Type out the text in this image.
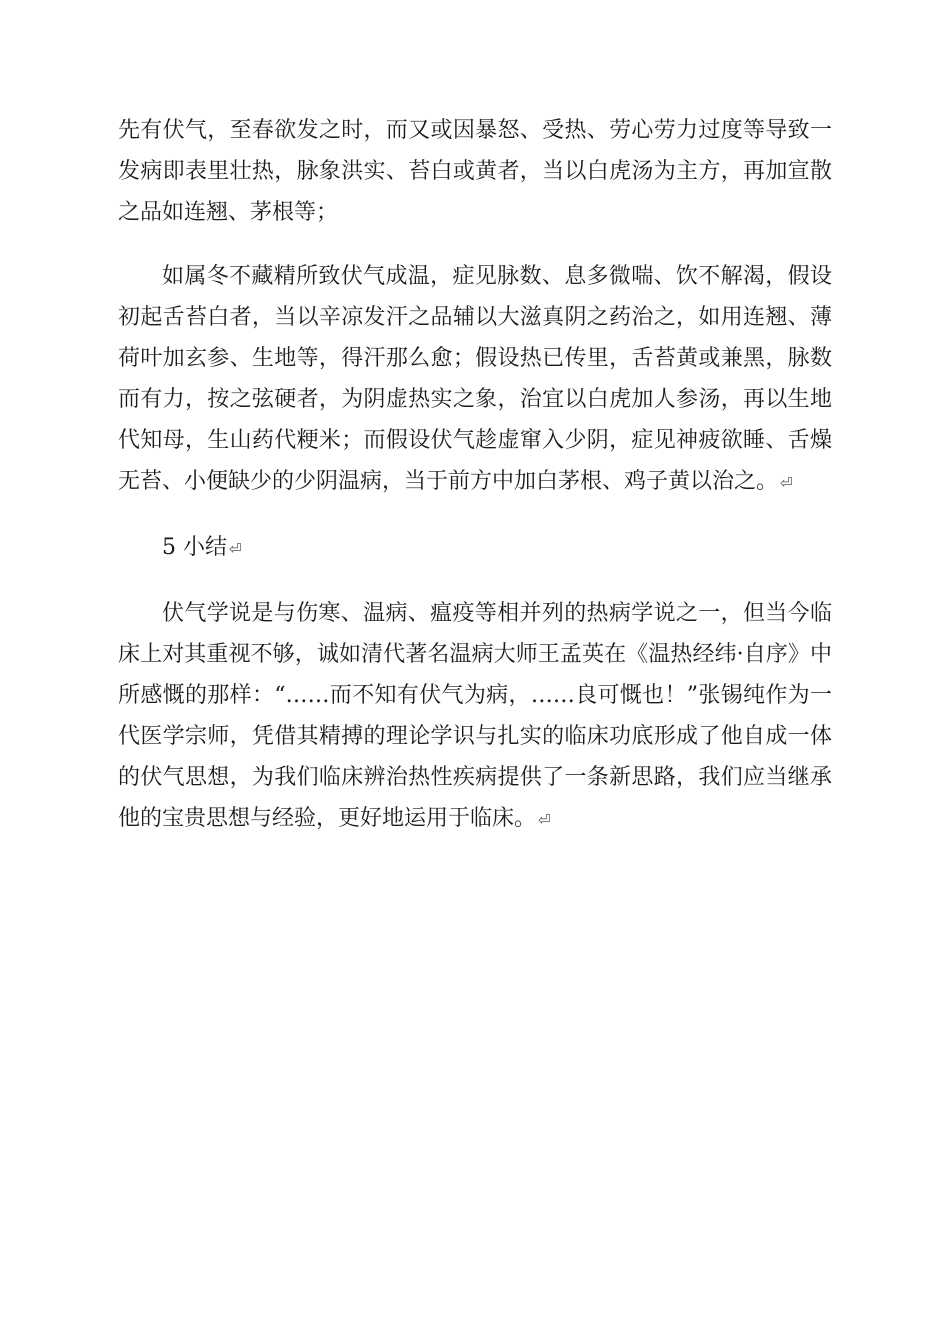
先有伏气，至春欲发之时，而又或因暴怒、受热、劳心劳力过度等导致一发病即表里壮热，脉象洪实、苔白或黄者，当以白虎汤为主方，再加宣散之品如连翘、茅根等；

如属冬不藏精所致伏气成温，症见脉数、息多微喘、饮不解渴，假设初起舌苔白者，当以辛凉发汗之品辅以大滋真阴之药治之，如用连翘、薄荷叶加玄参、生地等，得汗那么愈；假设热已传里，舌苔黄或兼黑，脉数而有力，按之弦硬者，为阴虚热实之象，治宜以白虎加人参汤，再以生地代知母，生山药代粳米；而假设伏气趁虚窜入少阴，症见神疲欲睡、舌燥无苔、小便缺少的少阴温病，当于前方中加白茅根、鸡子黄以治之。 ⏎

5 小结 ⏎

伏气学说是与伤寒、温病、瘟疫等相并列的热病学说之一，但当今临床上对其重视不够，诚如清代著名温病大师王孟英在《温热经纬·自序》中所感慨的那样：“……而不知有伏气为病，……良可慨也！”张锡纯作为一代医学宗师，凭借其精搏的理论学识与扎实的临床功底形成了他自成一体的伏气思想，为我们临床辨治热性疾病提供了一条新思路，我们应当继承他的宝贵思想与经验，更好地运用于临床。 ⏎
